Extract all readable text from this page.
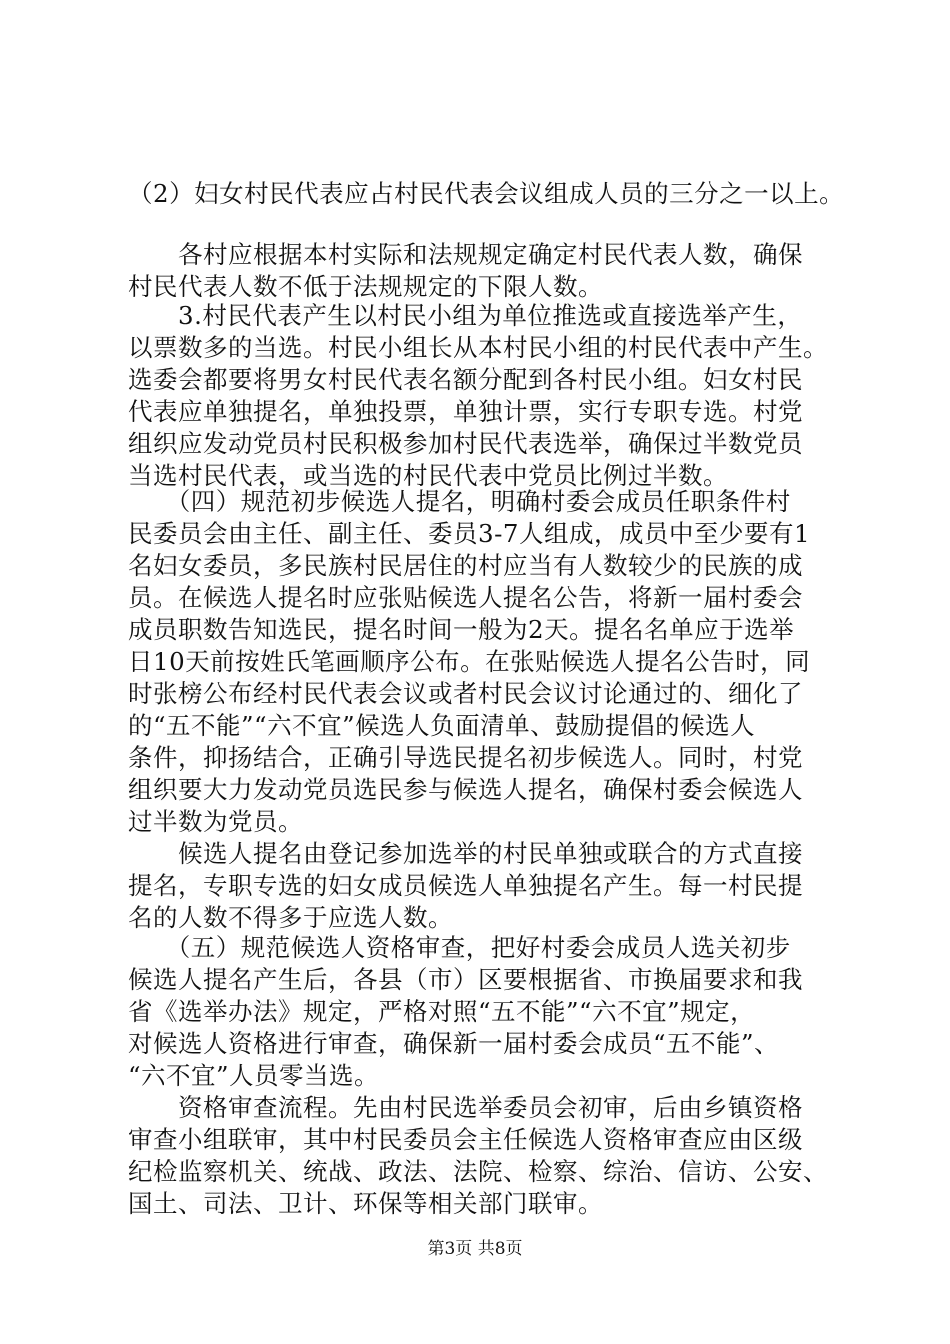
（2）妇女村民代表应占村民代表会议组成人员的三分之一以上。
　　各村应根据本村实际和法规规定确定村民代表人数，确保
村民代表人数不低于法规规定的下限人数。
　　3.村民代表产生以村民小组为单位推选或直接选举产生，
以票数多的当选。村民小组长从本村民小组的村民代表中产生。
选委会都要将男女村民代表名额分配到各村民小组。妇女村民
代表应单独提名，单独投票，单独计票，实行专职专选。村党
组织应发动党员村民积极参加村民代表选举，确保过半数党员
当选村民代表，或当选的村民代表中党员比例过半数。
　　（四）规范初步候选人提名，明确村委会成员任职条件村
民委员会由主任、副主任、委员3-7人组成，成员中至少要有1
名妇女委员，多民族村民居住的村应当有人数较少的民族的成
员。在候选人提名时应张贴候选人提名公告，将新一届村委会
成员职数告知选民，提名时间一般为2天。提名名单应于选举
日10天前按姓氏笔画顺序公布。在张贴候选人提名公告时，同
时张榜公布经村民代表会议或者村民会议讨论通过的、细化了
的“五不能”“六不宜”候选人负面清单、鼓励提倡的候选人
条件，抑扬结合，正确引导选民提名初步候选人。同时，村党
组织要大力发动党员选民参与候选人提名，确保村委会候选人
过半数为党员。
　　候选人提名由登记参加选举的村民单独或联合的方式直接
提名，专职专选的妇女成员候选人单独提名产生。每一村民提
名的人数不得多于应选人数。
　　（五）规范候选人资格审查，把好村委会成员人选关初步
候选人提名产生后，各县（市）区要根据省、市换届要求和我
省《选举办法》规定，严格对照“五不能”“六不宜”规定，
对候选人资格进行审查，确保新一届村委会成员“五不能”、
“六不宜”人员零当选。
　　资格审查流程。先由村民选举委员会初审，后由乡镇资格
审查小组联审，其中村民委员会主任候选人资格审查应由区级
纪检监察机关、统战、政法、法院、检察、综治、信访、公安、
国土、司法、卫计、环保等相关部门联审。
第3页 共8页
